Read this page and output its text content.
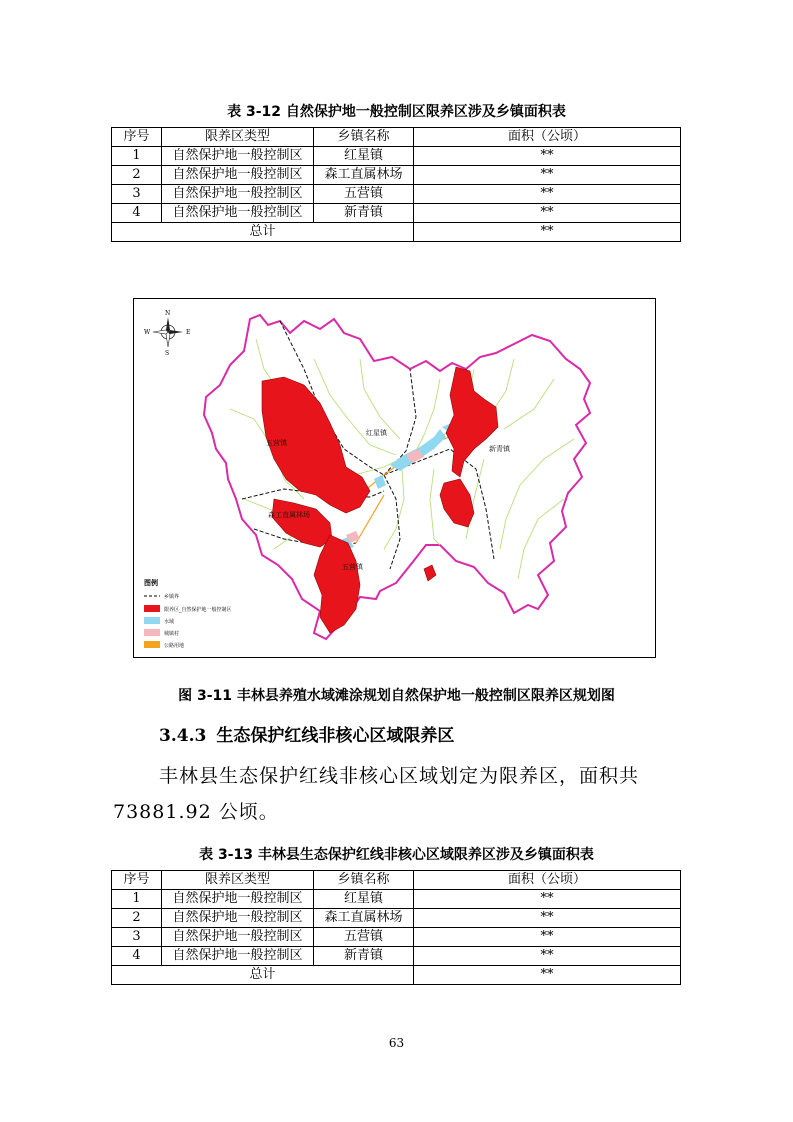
表 3-12 自然保护地一般控制区限养区涉及乡镇面积表
序号	限养区类型	乡镇名称	面积（公顷）
1	自然保护地一般控制区	红星镇	**
2	自然保护地一般控制区	森工直属林场	**
3	自然保护地一般控制区	五营镇	**
4	自然保护地一般控制区	新青镇	**
总计			**
N
S
W	E
五营镇
红星镇
新青镇
森工直属林场
五营镇
图例
乡镇界
限养区_自然保护地一般控制区
水域
城镇村
公路用地
图 3-11 丰林县养殖水域滩涂规划自然保护地一般控制区限养区规划图
3.4.3 生态保护红线非核心区域限养区
丰林县生态保护红线非核心区域划定为限养区，面积共
73881.92 公顷。
表 3-13 丰林县生态保护红线非核心区域限养区涉及乡镇面积表
序号	限养区类型	乡镇名称	面积（公顷）
1	自然保护地一般控制区	红星镇	**
2	自然保护地一般控制区	森工直属林场	**
3	自然保护地一般控制区	五营镇	**
4	自然保护地一般控制区	新青镇	**
总计			**
63
